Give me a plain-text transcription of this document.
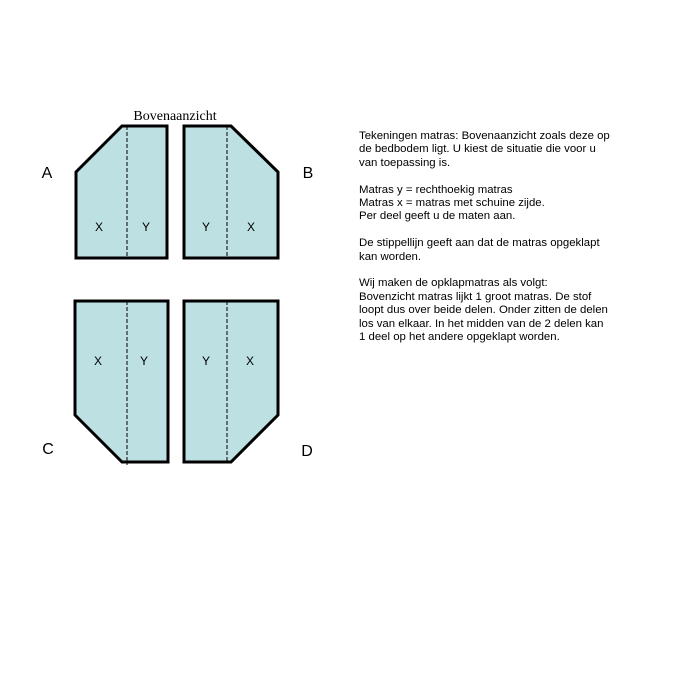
Bovenaanzicht
X	Y
A
Y	X
B
X	Y
C
Y	X
D

Tekeningen matras: Bovenaanzicht zoals deze op
de bedbodem ligt. U kiest de situatie die voor u
van toepassing is.

Matras y = rechthoekig matras
Matras x = matras met schuine zijde.
Per deel geeft u de maten aan.

De stippellijn geeft aan dat de matras opgeklapt
kan worden.

Wij maken de opklapmatras als volgt:
Bovenzicht matras lijkt 1 groot matras. De stof
loopt dus over beide delen. Onder zitten de delen
los van elkaar. In het midden van de 2 delen kan
1 deel op het andere opgeklapt worden.
